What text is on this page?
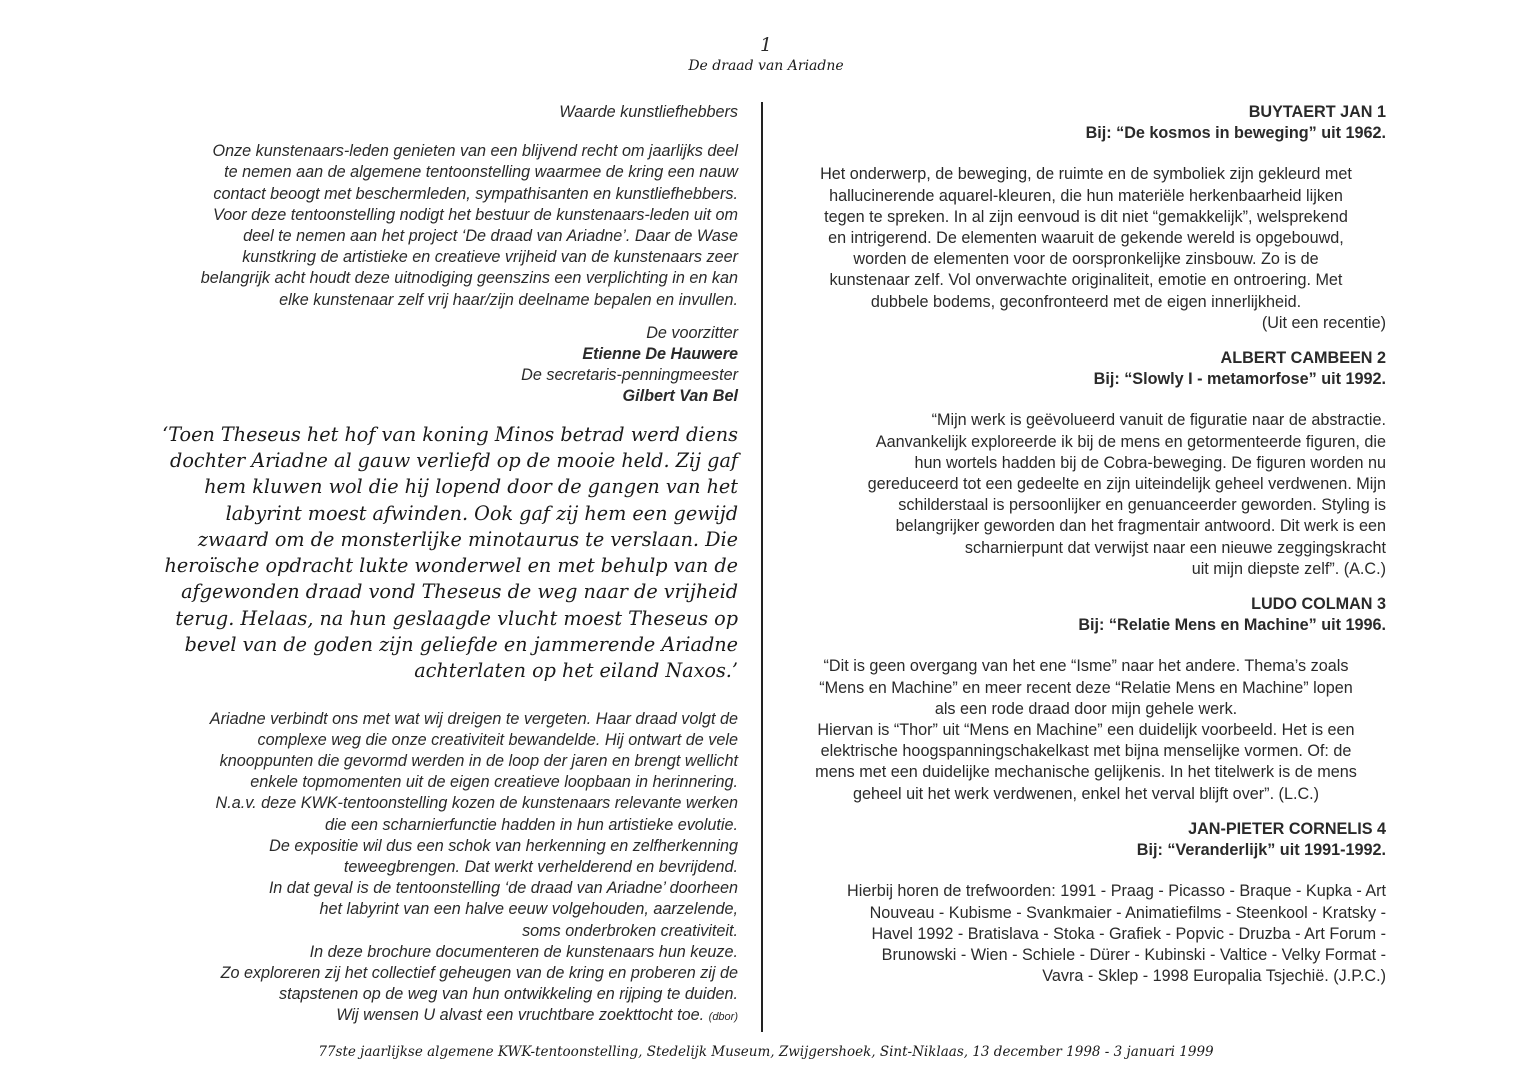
1
De draad van Ariadne

Waarde kunstliefhebbers

Onze kunstenaars-leden genieten van een blijvend recht om jaarlijks deel
te nemen aan de algemene tentoonstelling waarmee de kring een nauw
contact beoogt met beschermleden, sympathisanten en kunstliefhebbers.
Voor deze tentoonstelling nodigt het bestuur de kunstenaars-leden uit om
deel te nemen aan het project ‘De draad van Ariadne’. Daar de Wase
kunstkring de artistieke en creatieve vrijheid van de kunstenaars zeer
belangrijk acht houdt deze uitnodiging geenszins een verplichting in en kan
elke kunstenaar zelf vrij haar/zijn deelname bepalen en invullen.

De voorzitter

Etienne De Hauwere

De secretaris-penningmeester

Gilbert Van Bel

‘Toen Theseus het hof van koning Minos betrad werd diens
dochter Ariadne al gauw verliefd op de mooie held. Zij gaf
hem kluwen wol die hij lopend door de gangen van het
labyrint moest afwinden. Ook gaf zij hem een gewijd
zwaard om de monsterlijke minotaurus te verslaan. Die
heroïsche opdracht lukte wonderwel en met behulp van de
afgewonden draad vond Theseus de weg naar de vrijheid
terug. Helaas, na hun geslaagde vlucht moest Theseus op
bevel van de goden zijn geliefde en jammerende Ariadne
achterlaten op het eiland Naxos.’

Ariadne verbindt ons met wat wij dreigen te vergeten. Haar draad volgt de
complexe weg die onze creativiteit bewandelde. Hij ontwart de vele
knooppunten die gevormd werden in de loop der jaren en brengt wellicht
enkele topmomenten uit de eigen creatieve loopbaan in herinnering.
N.a.v. deze KWK-tentoonstelling kozen de kunstenaars relevante werken
die een scharnierfunctie hadden in hun artistieke evolutie.
De expositie wil dus een schok van herkenning en zelfherkenning
teweegbrengen. Dat werkt verhelderend en bevrijdend.
In dat geval is de tentoonstelling ‘de draad van Ariadne’ doorheen
het labyrint van een halve eeuw volgehouden, aarzelende,
soms onderbroken creativiteit.
In deze brochure documenteren de kunstenaars hun keuze.
Zo exploreren zij het collectief geheugen van de kring en proberen zij de
stapstenen op de weg van hun ontwikkeling en rijping te duiden.
Wij wensen U alvast een vruchtbare zoekttocht toe. (dbor)

BUYTAERT JAN 1
Bij: “De kosmos in beweging” uit 1962.
Het onderwerp, de beweging, de ruimte en de symboliek zijn gekleurd met
hallucinerende aquarel-kleuren, die hun materiële herkenbaarheid lijken
tegen te spreken. In al zijn eenvoud is dit niet “gemakkelijk”, welsprekend
en intrigerend. De elementen waaruit de gekende wereld is opgebouwd,
worden de elementen voor de oorspronkelijke zinsbouw. Zo is de
kunstenaar zelf. Vol onverwachte originaliteit, emotie en ontroering. Met
dubbele bodems, geconfronteerd met de eigen innerlijkheid.
(Uit een recentie)
ALBERT CAMBEEN 2
Bij: “Slowly I - metamorfose” uit 1992.
“Mijn werk is geëvolueerd vanuit de figuratie naar de abstractie.
Aanvankelijk exploreerde ik bij de mens en getormenteerde figuren, die
hun wortels hadden bij de Cobra-beweging. De figuren worden nu
gereduceerd tot een gedeelte en zijn uiteindelijk geheel verdwenen. Mijn
schilderstaal is persoonlijker en genuanceerder geworden. Styling is
belangrijker geworden dan het fragmentair antwoord. Dit werk is een
scharnierpunt dat verwijst naar een nieuwe zeggingskracht
uit mijn diepste zelf”. (A.C.)
LUDO COLMAN 3
Bij: “Relatie Mens en Machine” uit 1996.
“Dit is geen overgang van het ene “Isme” naar het andere. Thema’s zoals
“Mens en Machine” en meer recent deze “Relatie Mens en Machine” lopen
als een rode draad door mijn gehele werk.
Hiervan is “Thor” uit “Mens en Machine” een duidelijk voorbeeld. Het is een
elektrische hoogspanningschakelkast met bijna menselijke vormen. Of: de
mens met een duidelijke mechanische gelijkenis. In het titelwerk is de mens
geheel uit het werk verdwenen, enkel het verval blijft over”. (L.C.)
JAN-PIETER CORNELIS 4
Bij: “Veranderlijk” uit 1991-1992.
Hierbij horen de trefwoorden: 1991 - Praag - Picasso - Braque - Kupka - Art
Nouveau - Kubisme - Svankmaier - Animatiefilms - Steenkool - Kratsky -
Havel 1992 - Bratislava - Stoka - Grafiek - Popvic - Druzba - Art Forum -
Brunowski - Wien - Schiele - Dürer - Kubinski - Valtice - Velky Format -
Vavra - Sklep - 1998 Europalia Tsjechië. (J.P.C.)
77ste jaarlijkse algemene KWK-tentoonstelling, Stedelijk Museum, Zwijgershoek, Sint-Niklaas, 13 december 1998 - 3 januari 1999
